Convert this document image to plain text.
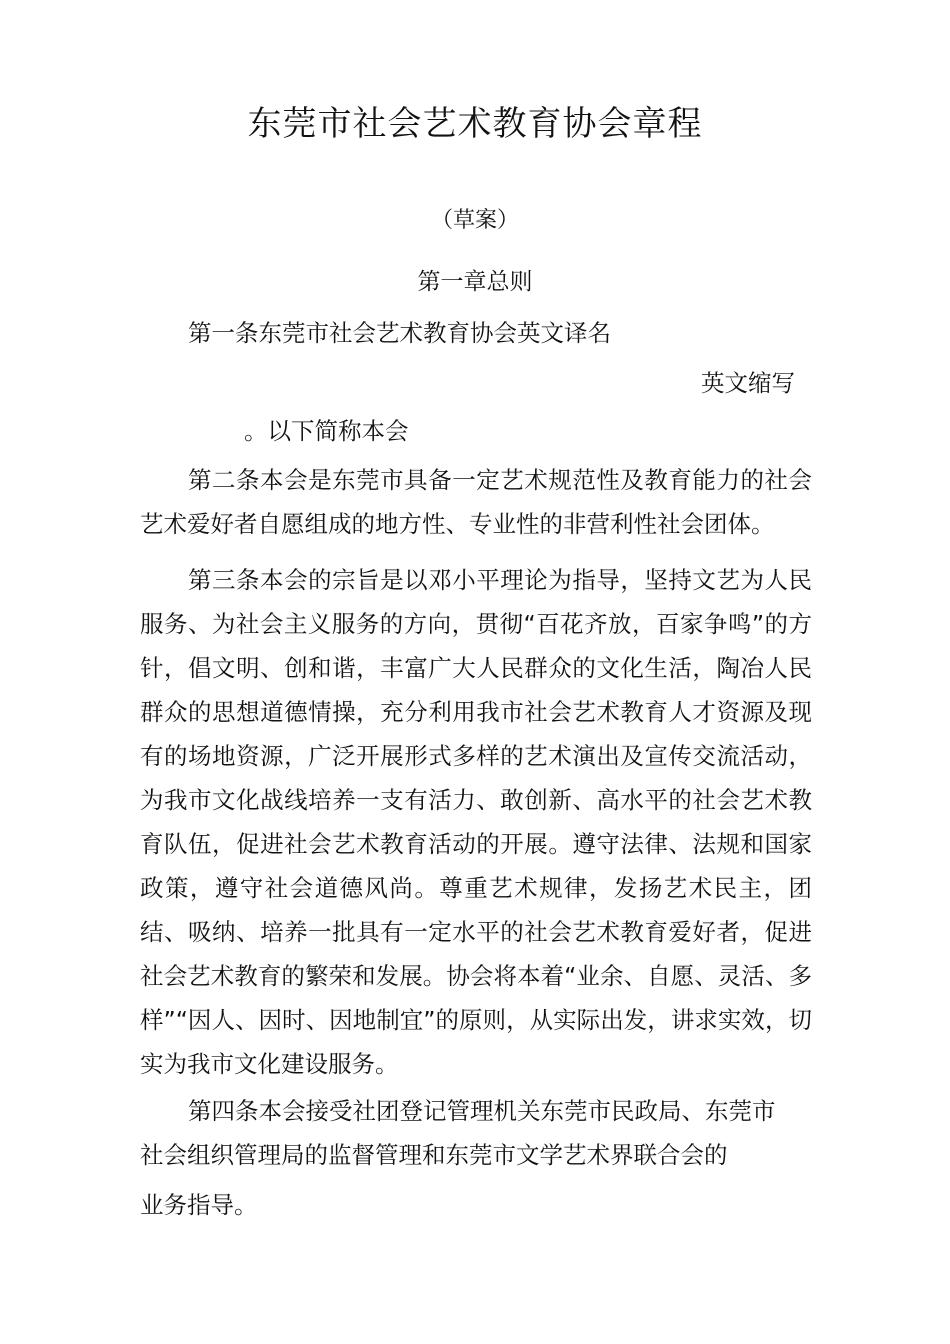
东莞市社会艺术教育协会章程
（草案）
第一章总则
第一条东莞市社会艺术教育协会英文译名
英文缩写
。以下简称本会
第二条本会是东莞市具备一定艺术规范性及教育能力的社会艺术爱好者自愿组成的地方性、专业性的非营利性社会团体。
第三条本会的宗旨是以邓小平理论为指导，坚持文艺为人民服务、为社会主义服务的方向，贯彻“百花齐放，百家争鸣”的方针，倡文明、创和谐，丰富广大人民群众的文化生活，陶冶人民群众的思想道德情操，充分利用我市社会艺术教育人才资源及现有的场地资源，广泛开展形式多样的艺术演出及宣传交流活动，为我市文化战线培养一支有活力、敢创新、高水平的社会艺术教育队伍，促进社会艺术教育活动的开展。遵守法律、法规和国家政策，遵守社会道德风尚。尊重艺术规律，发扬艺术民主，团结、吸纳、培养一批具有一定水平的社会艺术教育爱好者，促进社会艺术教育的繁荣和发展。协会将本着“业余、自愿、灵活、多样”“因人、因时、因地制宜”的原则，从实际出发，讲求实效，切实为我市文化建设服务。
第四条本会接受社团登记管理机关东莞市民政局、东莞市
社会组织管理局的监督管理和东莞市文学艺术界联合会的
业务指导。
